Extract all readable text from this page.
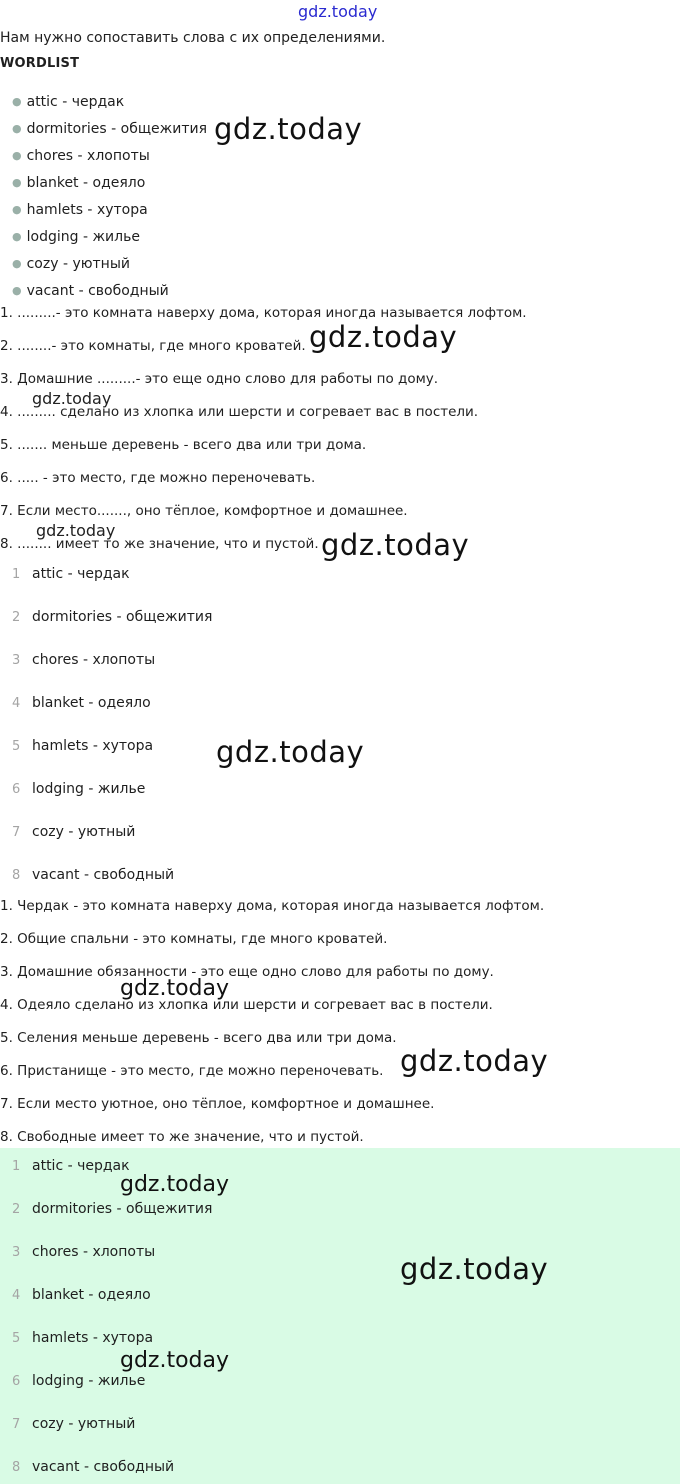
gdz.today
Нам нужно сопоставить слова с их определениями.
WORDLIST
● attic - чердак
● dormitories - общежития
● chores - хлопоты
● blanket - одеяло
● hamlets - хутора
● lodging - жилье
● cozy - уютный
● vacant - свободный
1. .........- это комната наверху дома, которая иногда называется лофтом.
2. ........- это комнаты, где много кроватей.
3. Домашние .........- это еще одно слово для работы по дому.
4. ......... сделано из хлопка или шерсти и согревает вас в постели.
5. ....... меньше деревень - всего два или три дома.
6. ..... - это место, где можно переночевать.
7. Если место......., оно тёплое, комфортное и домашнее.
8. ........ имеет то же значение, что и пустой.
1 attic - чердак
2 dormitories - общежития
3 chores - хлопоты
4 blanket - одеяло
5 hamlets - хутора
6 lodging - жилье
7 cozy - уютный
8 vacant - свободный
1. Чердак - это комната наверху дома, которая иногда называется лофтом.
2. Общие спальни - это комнаты, где много кроватей.
3. Домашние обязанности - это еще одно слово для работы по дому.
4. Одеяло сделано из хлопка или шерсти и согревает вас в постели.
5. Селения меньше деревень - всего два или три дома.
6. Пристанище - это место, где можно переночевать.
7. Если место уютное, оно тёплое, комфортное и домашнее.
8. Свободные имеет то же значение, что и пустой.
1 attic - чердак
2 dormitories - общежития
3 chores - хлопоты
4 blanket - одеяло
5 hamlets - хутора
6 lodging - жилье
7 cozy - уютный
8 vacant - свободный
gdz.today
gdz.today
gdz.today
gdz.today	gdz.today
gdz.today
gdz.today
gdz.today
gdz.today
gdz.today
gdz.today
